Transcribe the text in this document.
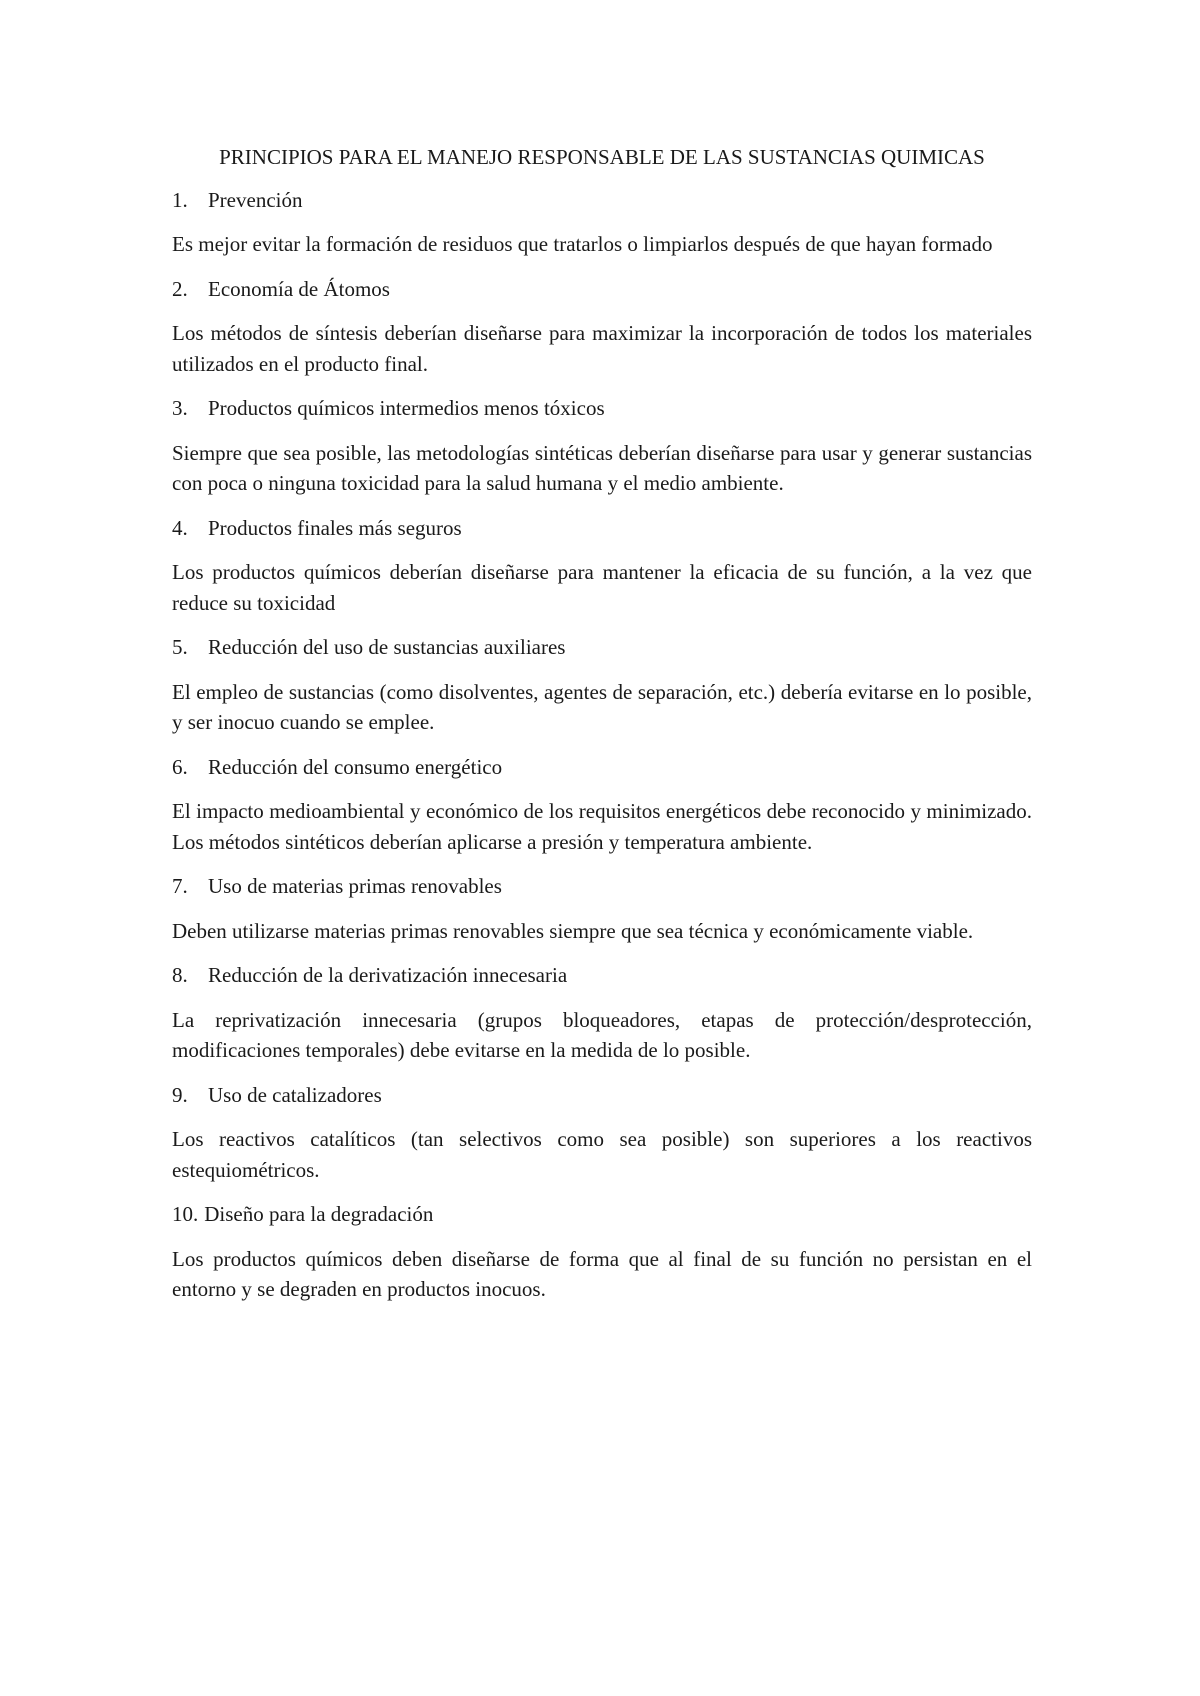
PRINCIPIOS PARA EL MANEJO RESPONSABLE DE LAS SUSTANCIAS QUIMICAS
1. Prevención

Es mejor evitar la formación de residuos que tratarlos o limpiarlos después de que hayan formado

2. Economía de Átomos

Los métodos de síntesis deberían diseñarse para maximizar la incorporación de todos los materiales utilizados en el producto final.

3. Productos químicos intermedios menos tóxicos

Siempre que sea posible, las metodologías sintéticas deberían diseñarse para usar y generar sustancias con poca o ninguna toxicidad para la salud humana y el medio ambiente.

4. Productos finales más seguros

Los productos químicos deberían diseñarse para mantener la eficacia de su función, a la vez que reduce su toxicidad

5. Reducción del uso de sustancias auxiliares

El empleo de sustancias (como disolventes, agentes de separación, etc.) debería evitarse en lo posible, y ser inocuo cuando se emplee.

6. Reducción del consumo energético

El impacto medioambiental y económico de los requisitos energéticos debe reconocido y minimizado. Los métodos sintéticos deberían aplicarse a presión y temperatura ambiente.

7. Uso de materias primas renovables

Deben utilizarse materias primas renovables siempre que sea técnica y económicamente viable.

8. Reducción de la derivatización innecesaria

La reprivatización innecesaria (grupos bloqueadores, etapas de protección/desprotección, modificaciones temporales) debe evitarse en la medida de lo posible.

9. Uso de catalizadores

Los reactivos catalíticos (tan selectivos como sea posible) son superiores a los reactivos estequiométricos.

10. Diseño para la degradación

Los productos químicos deben diseñarse de forma que al final de su función no persistan en el entorno y se degraden en productos inocuos.
